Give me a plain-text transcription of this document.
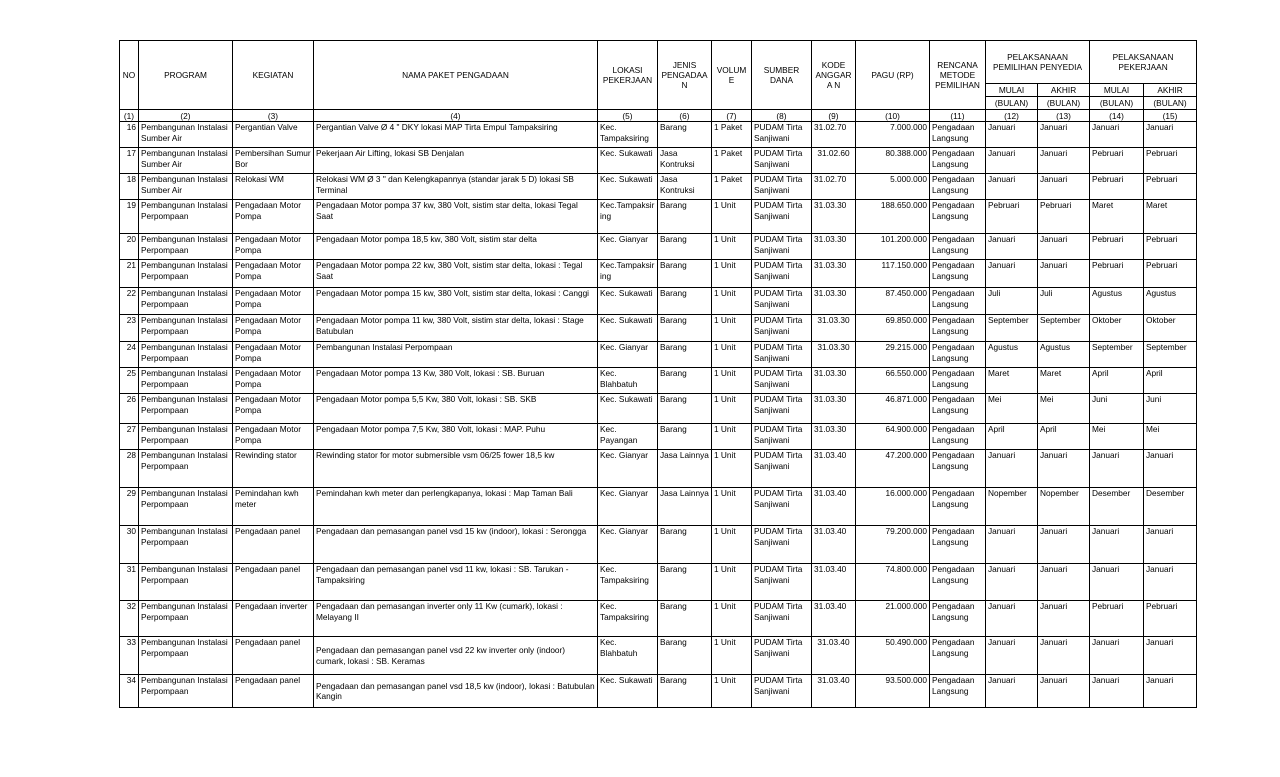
NO	PROGRAM	KEGIATAN	NAMA PAKET PENGADAAN	LOKASI PEKERJAAN	JENIS PENGADAAN	VOLUME	SUMBER DANA	KODE ANGGARA N	PAGU (RP)	RENCANA METODE PEMILIHAN	PELAKSANAAN PEMILIHAN PENYEDIA		PELAKSANAAN PEKERJAAN	
											MULAI	AKHIR	MULAI	AKHIR
											(BULAN)	(BULAN)	(BULAN)	(BULAN)
(1)	(2)	(3)	(4)	(5)	(6)	(7)	(8)	(9)	(10)	(11)	(12)	(13)	(14)	(15)
16	Pembangunan Instalasi Sumber Air	Pergantian Valve	Pergantian Valve Ø 4 " DKY lokasi MAP Tirta Empul Tampaksiring	Kec. Tampaksiring	Barang	1 Paket	PUDAM Tirta Sanjiwani	31.02.70	7.000.000	Pengadaan Langsung	Januari	Januari	Januari	Januari
17	Pembangunan Instalasi Sumber Air	Pembersihan Sumur Bor	Pekerjaan Air Lifting, lokasi SB Denjalan	Kec. Sukawati	Jasa Kontruksi	1 Paket	PUDAM Tirta Sanjiwani	31.02.60	80.388.000	Pengadaan Langsung	Januari	Januari	Pebruari	Pebruari
18	Pembangunan Instalasi Sumber Air	Relokasi WM	Relokasi WM Ø 3 " dan Kelengkapannya (standar jarak 5 D) lokasi SB Terminal	Kec. Sukawati	Jasa Kontruksi	1 Paket	PUDAM Tirta Sanjiwani	31.02.70	5.000.000	Pengadaan Langsung	Januari	Januari	Pebruari	Pebruari
19	Pembangunan Instalasi Perpompaan	Pengadaan Motor Pompa	Pengadaan Motor pompa 37 kw, 380 Volt, sistim star delta, lokasi Tegal Saat	Kec.Tampaksiring	Barang	1 Unit	PUDAM Tirta Sanjiwani	31.03.30	188.650.000	Pengadaan Langsung	Pebruari	Pebruari	Maret	Maret
20	Pembangunan Instalasi Perpompaan	Pengadaan Motor Pompa	Pengadaan Motor pompa 18,5 kw, 380 Volt, sistim star delta	Kec. Gianyar	Barang	1 Unit	PUDAM Tirta Sanjiwani	31.03.30	101.200.000	Pengadaan Langsung	Januari	Januari	Pebruari	Pebruari
21	Pembangunan Instalasi Perpompaan	Pengadaan Motor Pompa	Pengadaan Motor pompa 22 kw, 380 Volt, sistim star delta, lokasi : Tegal Saat	Kec.Tampaksiring	Barang	1 Unit	PUDAM Tirta Sanjiwani	31.03.30	117.150.000	Pengadaan Langsung	Januari	Januari	Pebruari	Pebruari
22	Pembangunan Instalasi Perpompaan	Pengadaan Motor Pompa	Pengadaan Motor pompa 15 kw, 380 Volt, sistim star delta, lokasi : Canggi	Kec. Sukawati	Barang	1 Unit	PUDAM Tirta Sanjiwani	31.03.30	87.450.000	Pengadaan Langsung	Juli	Juli	Agustus	Agustus
23	Pembangunan Instalasi Perpompaan	Pengadaan Motor Pompa	Pengadaan Motor pompa 11 kw, 380 Volt, sistim star delta, lokasi : Stage Batubulan	Kec. Sukawati	Barang	1 Unit	PUDAM Tirta Sanjiwani	31.03.30	69.850.000	Pengadaan Langsung	September	September	Oktober	Oktober
24	Pembangunan Instalasi Perpompaan	Pengadaan Motor Pompa	Pembangunan Instalasi Perpompaan	Kec. Gianyar	Barang	1 Unit	PUDAM Tirta Sanjiwani	31.03.30	29.215.000	Pengadaan Langsung	Agustus	Agustus	September	September
25	Pembangunan Instalasi Perpompaan	Pengadaan Motor Pompa	Pengadaan Motor pompa 13 Kw, 380 Volt, lokasi : SB. Buruan	Kec. Blahbatuh	Barang	1 Unit	PUDAM Tirta Sanjiwani	31.03.30	66.550.000	Pengadaan Langsung	Maret	Maret	April	April
26	Pembangunan Instalasi Perpompaan	Pengadaan Motor Pompa	Pengadaan Motor pompa 5,5 Kw, 380 Volt, lokasi : SB. SKB	Kec. Sukawati	Barang	1 Unit	PUDAM Tirta Sanjiwani	31.03.30	46.871.000	Pengadaan Langsung	Mei	Mei	Juni	Juni
27	Pembangunan Instalasi Perpompaan	Pengadaan Motor Pompa	Pengadaan Motor pompa 7,5 Kw, 380 Volt, lokasi : MAP. Puhu	Kec. Payangan	Barang	1 Unit	PUDAM Tirta Sanjiwani	31.03.30	64.900.000	Pengadaan Langsung	April	April	Mei	Mei
28	Pembangunan Instalasi Perpompaan	Rewinding stator	Rewinding stator for motor submersible vsm 06/25 fower 18,5 kw	Kec. Gianyar	Jasa Lainnya	1 Unit	PUDAM Tirta Sanjiwani	31.03.40	47.200.000	Pengadaan Langsung	Januari	Januari	Januari	Januari
29	Pembangunan Instalasi Perpompaan	Pemindahan kwh meter	Pemindahan kwh meter dan perlengkapanya, lokasi : Map Taman Bali	Kec. Gianyar	Jasa Lainnya	1 Unit	PUDAM Tirta Sanjiwani	31.03.40	16.000.000	Pengadaan Langsung	Nopember	Nopember	Desember	Desember
30	Pembangunan Instalasi Perpompaan	Pengadaan panel	Pengadaan dan pemasangan panel vsd 15 kw (indoor), lokasi : Serongga	Kec. Gianyar	Barang	1 Unit	PUDAM Tirta Sanjiwani	31.03.40	79.200.000	Pengadaan Langsung	Januari	Januari	Januari	Januari
31	Pembangunan Instalasi Perpompaan	Pengadaan panel	Pengadaan dan pemasangan panel vsd 11 kw, lokasi : SB. Tarukan - Tampaksiring	Kec. Tampaksiring	Barang	1 Unit	PUDAM Tirta Sanjiwani	31.03.40	74.800.000	Pengadaan Langsung	Januari	Januari	Januari	Januari
32	Pembangunan Instalasi Perpompaan	Pengadaan inverter	Pengadaan dan pemasangan inverter only 11 Kw (cumark), lokasi : Melayang II	Kec. Tampaksiring	Barang	1 Unit	PUDAM Tirta Sanjiwani	31.03.40	21.000.000	Pengadaan Langsung	Januari	Januari	Pebruari	Pebruari
33	Pembangunan Instalasi Perpompaan	Pengadaan panel	Pengadaan dan pemasangan panel vsd 22 kw inverter only (indoor) cumark, lokasi : SB. Keramas	Kec. Blahbatuh	Barang	1 Unit	PUDAM Tirta Sanjiwani	31.03.40	50.490.000	Pengadaan Langsung	Januari	Januari	Januari	Januari
34	Pembangunan Instalasi Perpompaan	Pengadaan panel	Pengadaan dan pemasangan panel vsd 18,5 kw (indoor), lokasi : Batubulan Kangin	Kec. Sukawati	Barang	1 Unit	PUDAM Tirta Sanjiwani	31.03.40	93.500.000	Pengadaan Langsung	Januari	Januari	Januari	Januari
